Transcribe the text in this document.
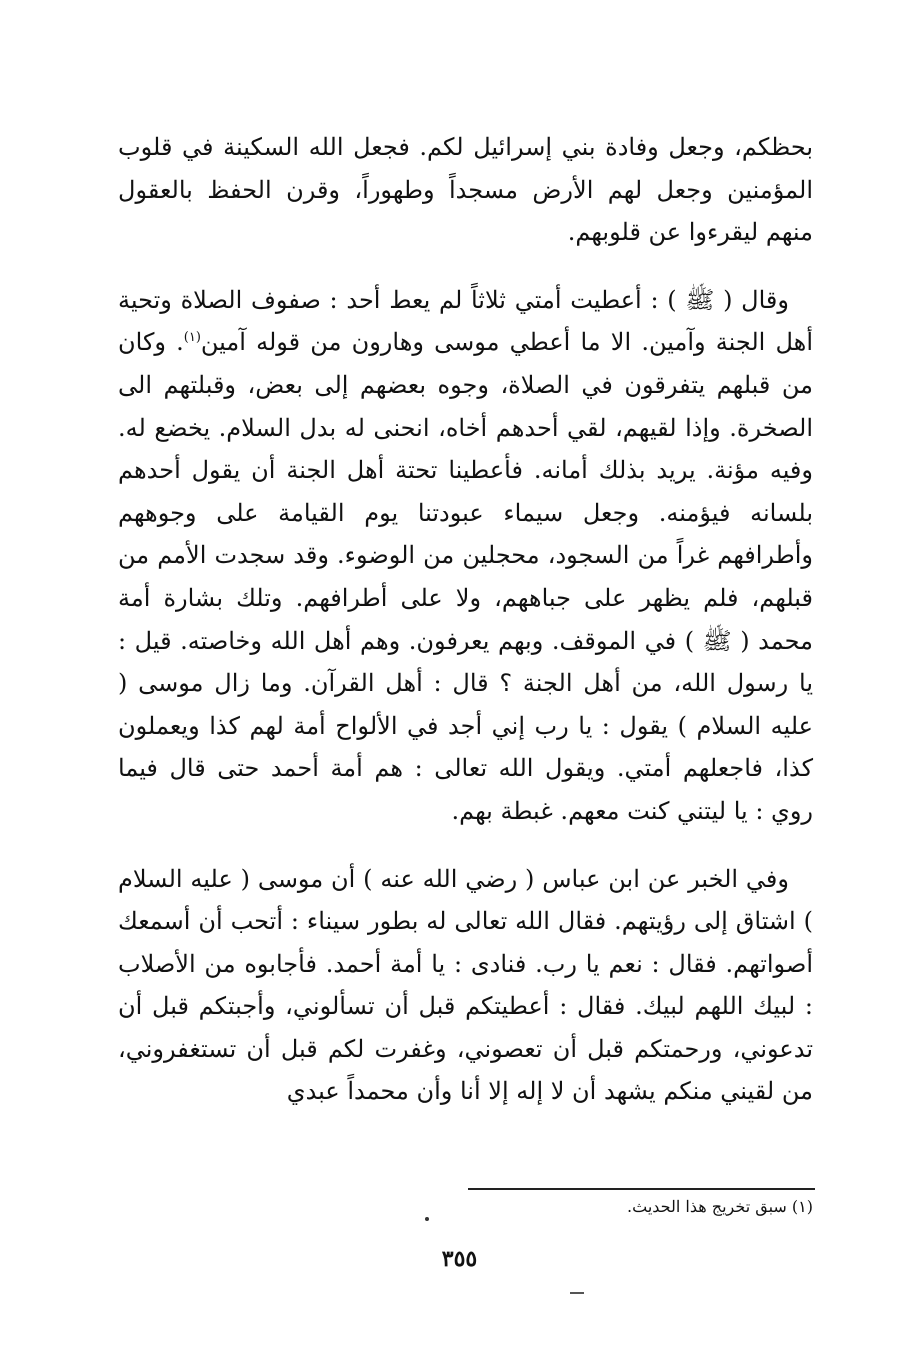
بحظكم، وجعل وفادة بني إسرائيل لكم. فجعل الله السكينة في قلوب المؤمنين وجعل لهم الأرض مسجداً وطهوراً، وقرن الحفظ بالعقول منهم ليقرءوا عن قلوبهم.

وقال ( ﷺ ) : أعطيت أمتي ثلاثاً لم يعط أحد : صفوف الصلاة وتحية أهل الجنة وآمين. الا ما أعطي موسى وهارون من قوله آمين$^{(١)}$. وكان من قبلهم يتفرقون في الصلاة، وجوه بعضهم إلى بعض، وقبلتهم الى الصخرة. وإذا لقيهم، لقي أحدهم أخاه، انحنى له بدل السلام. يخضع له. وفيه مؤنة. يريد بذلك أمانه. فأعطينا تحتة أهل الجنة أن يقول أحدهم بلسانه فيؤمنه. وجعل سيماء عبودتنا يوم القيامة على وجوههم وأطرافهم غراً من السجود، محجلين من الوضوء. وقد سجدت الأمم من قبلهم، فلم يظهر على جباههم، ولا على أطرافهم. وتلك بشارة أمة محمد ( ﷺ ) في الموقف. وبهم يعرفون. وهم أهل الله وخاصته. قيل : يا رسول الله، من أهل الجنة ؟ قال : أهل القرآن. وما زال موسى ( عليه السلام ) يقول : يا رب إني أجد في الألواح أمة لهم كذا ويعملون كذا، فاجعلهم أمتي. ويقول الله تعالى : هم أمة أحمد حتى قال فيما روي : يا ليتني كنت معهم. غبطة بهم.

وفي الخبر عن ابن عباس ( رضي الله عنه ) أن موسى ( عليه السلام ) اشتاق إلى رؤيتهم. فقال الله تعالى له بطور سيناء : أتحب أن أسمعك أصواتهم. فقال : نعم يا رب. فنادى : يا أمة أحمد. فأجابوه من الأصلاب : لبيك اللهم لبيك. فقال : أعطيتكم قبل أن تسألوني، وأجبتكم قبل أن تدعوني، ورحمتكم قبل أن تعصوني، وغفرت لكم قبل أن تستغفروني، من لقيني منكم يشهد أن لا إله إلا أنا وأن محمداً عبدي

(١) سبق تخريج هذا الحديث.
٣٥٥
